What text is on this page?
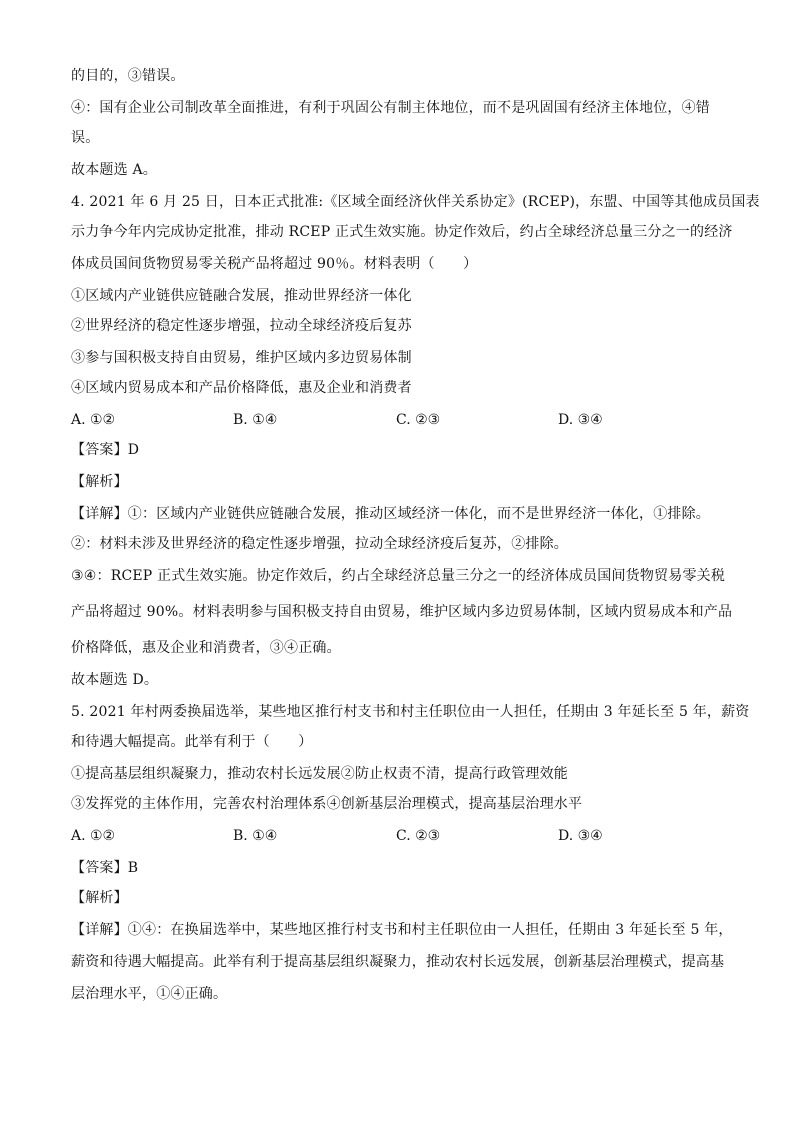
的目的，③错误。
④：国有企业公司制改革全面推进，有利于巩固公有制主体地位，而不是巩固国有经济主体地位，④错
误。
故本题选 A。
4. 2021 年 6 月 25 日，日本正式批准:《区域全面经济伙伴关系协定》(RCEP)，东盟、中国等其他成员国表
示力争今年内完成协定批准，排动 RCEP 正式生效实施。协定作效后，约占全球经济总量三分之一的经济
体成员国间货物贸易零关税产品将超过 90％。材料表明（　　）
①区域内产业链供应链融合发展，推动世界经济一体化
②世界经济的稳定性逐步增强，拉动全球经济疫后复苏
③参与国积极支持自由贸易，维护区域内多边贸易体制
④区域内贸易成本和产品价格降低，惠及企业和消费者
A. ①②	B. ①④	C. ②③	D. ③④
【答案】D
【解析】
【详解】①：区域内产业链供应链融合发展，推动区域经济一体化，而不是世界经济一体化，①排除。
②：材料未涉及世界经济的稳定性逐步增强，拉动全球经济疫后复苏，②排除。
③④：RCEP 正式生效实施。协定作效后，约占全球经济总量三分之一的经济体成员国间货物贸易零关税
产品将超过 90%。材料表明参与国积极支持自由贸易，维护区域内多边贸易体制，区域内贸易成本和产品
价格降低，惠及企业和消费者，③④正确。
故本题选 D。
5. 2021 年村两委换届选举，某些地区推行村支书和村主任职位由一人担任，任期由 3 年延长至 5 年，薪资
和待遇大幅提高。此举有利于（　　）
①提高基层组织凝聚力，推动农村长远发展②防止权责不清，提高行政管理效能
③发挥党的主体作用，完善农村治理体系④创新基层治理模式，提高基层治理水平
A. ①②	B. ①④	C. ②③	D. ③④
【答案】B
【解析】
【详解】①④：在换届选举中，某些地区推行村支书和村主任职位由一人担任，任期由 3 年延长至 5 年，
薪资和待遇大幅提高。此举有利于提高基层组织凝聚力，推动农村长远发展，创新基层治理模式，提高基
层治理水平，①④正确。
